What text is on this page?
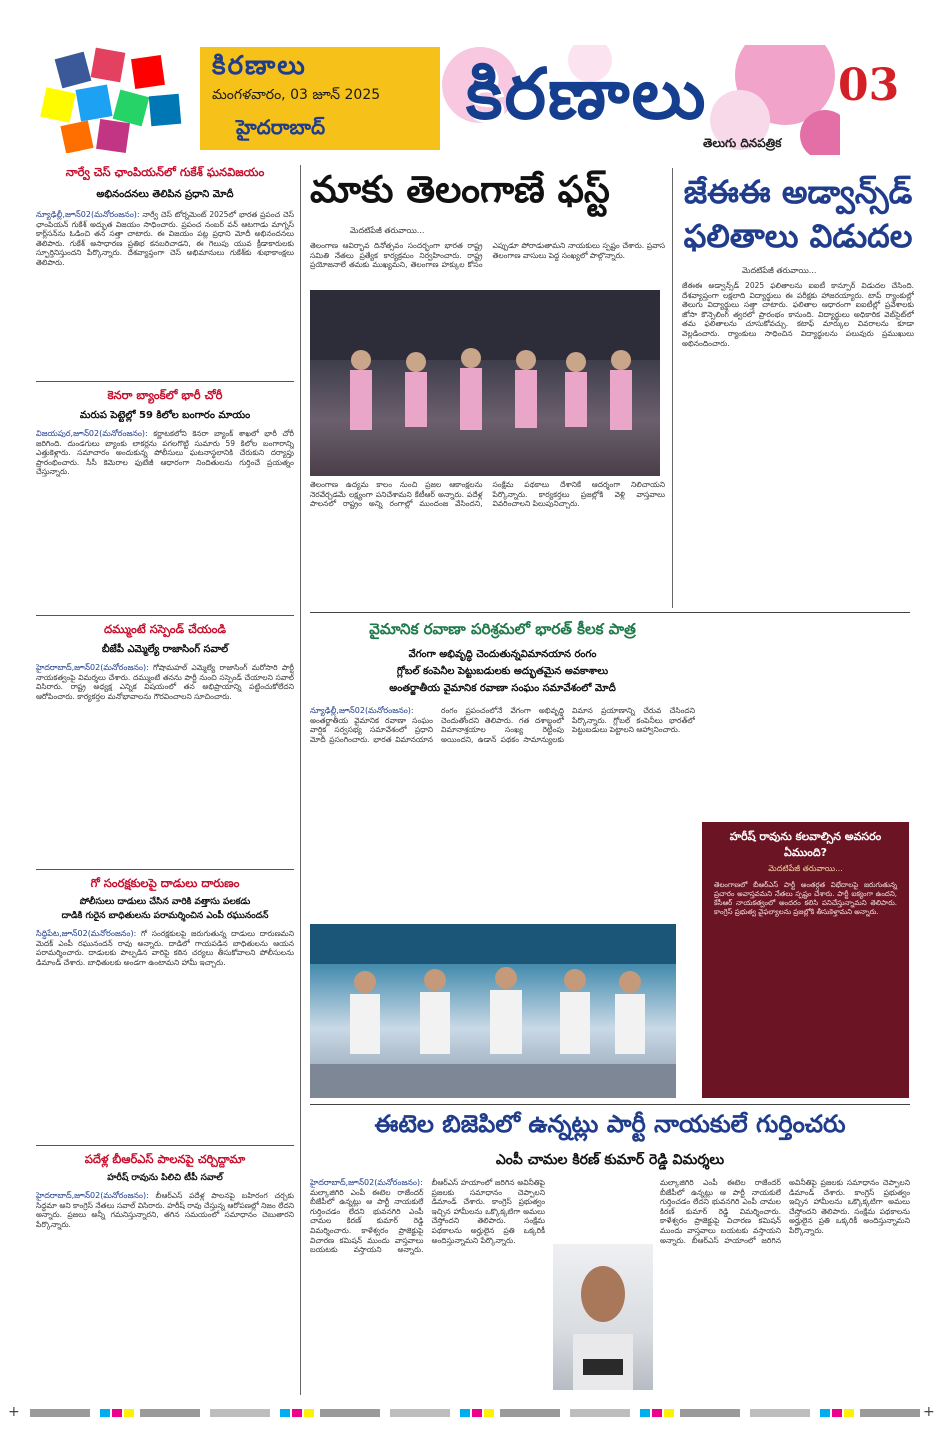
కిరణాలు
మంగళవారం, 03 జూన్ 2025
హైదరాబాద్ కిరణాలు
తెలుగు దినపత్రిక
03
నార్వే చెస్ ఛాంపియన్‌లో గుకేశ్ ఘనవిజయం
అభినందనలు తెలిపిన ప్రధాని మోదీ
న్యూఢిల్లీ,జూన్02(మనోరంజనం): నార్వే చెస్ టోర్నమెంట్ 2025లో భారత ప్రపంచ చెస్ ఛాంపియన్ గుకేశ్ అద్భుత విజయం సాధించారు. ప్రపంచ నంబర్ వన్ ఆటగాడు మాగ్నస్ కార్ల్‌సన్‌ను ఓడించి తన సత్తా చాటారు. ఈ విజయం పట్ల ప్రధాని మోదీ అభినందనలు తెలిపారు. గుకేశ్ అసాధారణ ప్రతిభ కనబరిచాడని, ఈ గెలుపు యువ క్రీడాకారులకు స్ఫూర్తినిస్తుందని పేర్కొన్నారు. దేశవ్యాప్తంగా చెస్ అభిమానులు గుకేశ్‌కు శుభాకాంక్షలు తెలిపారు.
కెనరా బ్యాంక్‌లో భారీ చోరీ
మరుప పెట్టెల్లో 59 కిలోల బంగారం మాయం
విజయపుర,జూన్02(మనోరంజనం): కర్ణాటకలోని కెనరా బ్యాంక్ శాఖలో భారీ చోరీ జరిగింది. దుండగులు బ్యాంకు లాకర్లను పగలగొట్టి సుమారు 59 కిలోల బంగారాన్ని ఎత్తుకెళ్లారు. సమాచారం అందుకున్న పోలీసులు ఘటనాస్థలానికి చేరుకుని దర్యాప్తు ప్రారంభించారు. సీసీ కెమెరాల ఫుటేజీ ఆధారంగా నిందితులను గుర్తించే ప్రయత్నం చేస్తున్నారు.
దమ్ముంటే సస్పెండ్ చేయండి
బీజేపీ ఎమ్మెల్యే రాజాసింగ్ సవాల్
హైదరాబాద్,జూన్02(మనోరంజనం): గోషామహల్ ఎమ్మెల్యే రాజాసింగ్ మరోసారి పార్టీ నాయకత్వంపై విమర్శలు చేశారు. దమ్ముంటే తనను పార్టీ నుంచి సస్పెండ్ చేయాలని సవాల్ విసిరారు. రాష్ట్ర అధ్యక్ష ఎన్నిక విషయంలో తన అభిప్రాయాన్ని పట్టించుకోలేదని ఆరోపించారు. కార్యకర్తల మనోభావాలను గౌరవించాలని సూచించారు.
గో సంరక్షకులపై దాడులు దారుణం
పోలీసులు దాడులు చేసిన వారికి వత్తాసు పలకడు
దాడికి గురైన బాధితులను పరామర్శించిన ఎంపీ రఘునందన్
సిద్దిపేట,జూన్02(మనోరంజనం): గో సంరక్షకులపై జరుగుతున్న దాడులు దారుణమని మెదక్ ఎంపీ రఘునందన్ రావు అన్నారు. దాడిలో గాయపడిన బాధితులను ఆయన పరామర్శించారు. దాడులకు పాల్పడిన వారిపై కఠిన చర్యలు తీసుకోవాలని పోలీసులను డిమాండ్ చేశారు. బాధితులకు అండగా ఉంటామని హామీ ఇచ్చారు.
పదేళ్ల బీఆర్ఎస్ పాలనపై చర్చిద్దామా
హరీష్ రావును పిలిచి టీపీ సవాల్
హైదరాబాద్,జూన్02(మనోరంజనం): బీఆర్ఎస్ పదేళ్ల పాలనపై బహిరంగ చర్చకు సిద్ధమా అని కాంగ్రెస్ నేతలు సవాల్ విసిరారు. హరీష్ రావు చేస్తున్న ఆరోపణల్లో నిజం లేదని అన్నారు. ప్రజలు అన్నీ గమనిస్తున్నారని, తగిన సమయంలో సమాధానం చెబుతారని పేర్కొన్నారు.
మాకు తెలంగాణే ఫస్ట్
మెదటిపేజీ తరువాయి...
తెలంగాణ ఆవిర్భావ దినోత్సవం సందర్భంగా భారత రాష్ట్ర సమితి నేతలు ప్రత్యేక కార్యక్రమం నిర్వహించారు. రాష్ట్ర ప్రయోజనాలే తమకు ముఖ్యమని, తెలంగాణ హక్కుల కోసం ఎప్పుడూ పోరాడుతామని నాయకులు స్పష్టం చేశారు. ప్రవాస తెలంగాణ వాసులు పెద్ద సంఖ్యలో పాల్గొన్నారు.
తెలంగాణ ఉద్యమ కాలం నుంచి ప్రజల ఆకాంక్షలను నెరవేర్చడమే లక్ష్యంగా పనిచేశామని కేటీఆర్ అన్నారు. పదేళ్ల పాలనలో రాష్ట్రం అన్ని రంగాల్లో ముందంజ వేసిందని, సంక్షేమ పథకాలు దేశానికే ఆదర్శంగా నిలిచాయని పేర్కొన్నారు. కార్యకర్తలు ప్రజల్లోకి వెళ్లి వాస్తవాలు వివరించాలని పిలుపునిచ్చారు.
జేఈఈ అడ్వాన్స్‌డ్ ఫలితాలు విడుదల
మెదటిపేజీ తరువాయి...
జేఈఈ అడ్వాన్స్‌డ్ 2025 ఫలితాలను ఐఐటీ కాన్పూర్ విడుదల చేసింది. దేశవ్యాప్తంగా లక్షలాది విద్యార్థులు ఈ పరీక్షకు హాజరయ్యారు. టాప్ ర్యాంకుల్లో తెలుగు విద్యార్థులు సత్తా చాటారు. ఫలితాల ఆధారంగా ఐఐటీల్లో ప్రవేశాలకు జోసా కౌన్సెలింగ్ త్వరలో ప్రారంభం కానుంది. విద్యార్థులు అధికారిక వెబ్‌సైట్‌లో తమ ఫలితాలను చూసుకోవచ్చు. కటాఫ్ మార్కుల వివరాలను కూడా వెల్లడించారు. ర్యాంకులు సాధించిన విద్యార్థులను పలువురు ప్రముఖులు అభినందించారు.
వైమానిక రవాణా పరిశ్రమలో భారత్ కీలక పాత్ర
వేగంగా అభివృద్ధి చెందుతున్నవిమానయాన రంగం
గ్లోబల్ కంపెనీల పెట్టుబడులకు అద్భుతమైన అవకాశాలు
అంతర్జాతీయ వైమానిక రవాణా సంఘం సమావేశంలో మోదీ
న్యూఢిల్లీ,జూన్02(మనోరంజనం): అంతర్జాతీయ వైమానిక రవాణా సంఘం వార్షిక సర్వసభ్య సమావేశంలో ప్రధాని మోదీ ప్రసంగించారు. భారత విమానయాన రంగం ప్రపంచంలోనే వేగంగా అభివృద్ధి చెందుతోందని తెలిపారు. గత దశాబ్దంలో విమానాశ్రయాల సంఖ్య రెట్టింపు అయిందని, ఉడాన్ పథకం సామాన్యులకు విమాన ప్రయాణాన్ని చేరువ చేసిందని పేర్కొన్నారు. గ్లోబల్ కంపెనీలు భారత్‌లో పెట్టుబడులు పెట్టాలని ఆహ్వానించారు.
హరీష్ రావును కలవాల్సిన అవసరం ఏముంది?
మెదటిపేజీ తరువాయి...
తెలంగాణలో బీఆర్ఎస్ పార్టీ అంతర్గత విభేదాలపై జరుగుతున్న ప్రచారం అవాస్తవమని నేతలు స్పష్టం చేశారు. పార్టీ ఐక్యంగా ఉందని, కేసీఆర్ నాయకత్వంలో అందరం కలిసి పనిచేస్తున్నామని తెలిపారు. కాంగ్రెస్ ప్రభుత్వ వైఫల్యాలను ప్రజల్లోకి తీసుకెళ్తామని అన్నారు.
ఈటెల బిజెపిలో ఉన్నట్లు పార్టీ నాయకులే గుర్తించరు
ఎంపీ చామల కిరణ్ కుమార్ రెడ్డి విమర్శలు
హైదరాబాద్,జూన్02(మనోరంజనం): మల్కాజిగిరి ఎంపీ ఈటెల రాజేందర్ బీజేపీలో ఉన్నట్లు ఆ పార్టీ నాయకులే గుర్తించడం లేదని భువనగిరి ఎంపీ చామల కిరణ్ కుమార్ రెడ్డి విమర్శించారు. కాళేశ్వరం ప్రాజెక్టుపై విచారణ కమిషన్ ముందు వాస్తవాలు బయటకు వస్తాయని అన్నారు. బీఆర్ఎస్ హయాంలో జరిగిన అవినీతిపై ప్రజలకు సమాధానం చెప్పాలని డిమాండ్ చేశారు. కాంగ్రెస్ ప్రభుత్వం ఇచ్చిన హామీలను ఒక్కొక్కటిగా అమలు చేస్తోందని తెలిపారు. సంక్షేమ పథకాలను అర్హులైన ప్రతి ఒక్కరికీ అందిస్తున్నామని పేర్కొన్నారు.
మల్కాజిగిరి ఎంపీ ఈటెల రాజేందర్ బీజేపీలో ఉన్నట్లు ఆ పార్టీ నాయకులే గుర్తించడం లేదని భువనగిరి ఎంపీ చామల కిరణ్ కుమార్ రెడ్డి విమర్శించారు. కాళేశ్వరం ప్రాజెక్టుపై విచారణ కమిషన్ ముందు వాస్తవాలు బయటకు వస్తాయని అన్నారు. బీఆర్ఎస్ హయాంలో జరిగిన అవినీతిపై ప్రజలకు సమాధానం చెప్పాలని డిమాండ్ చేశారు. కాంగ్రెస్ ప్రభుత్వం ఇచ్చిన హామీలను ఒక్కొక్కటిగా అమలు చేస్తోందని తెలిపారు. సంక్షేమ పథకాలను అర్హులైన ప్రతి ఒక్కరికీ అందిస్తున్నామని పేర్కొన్నారు.
+	+
